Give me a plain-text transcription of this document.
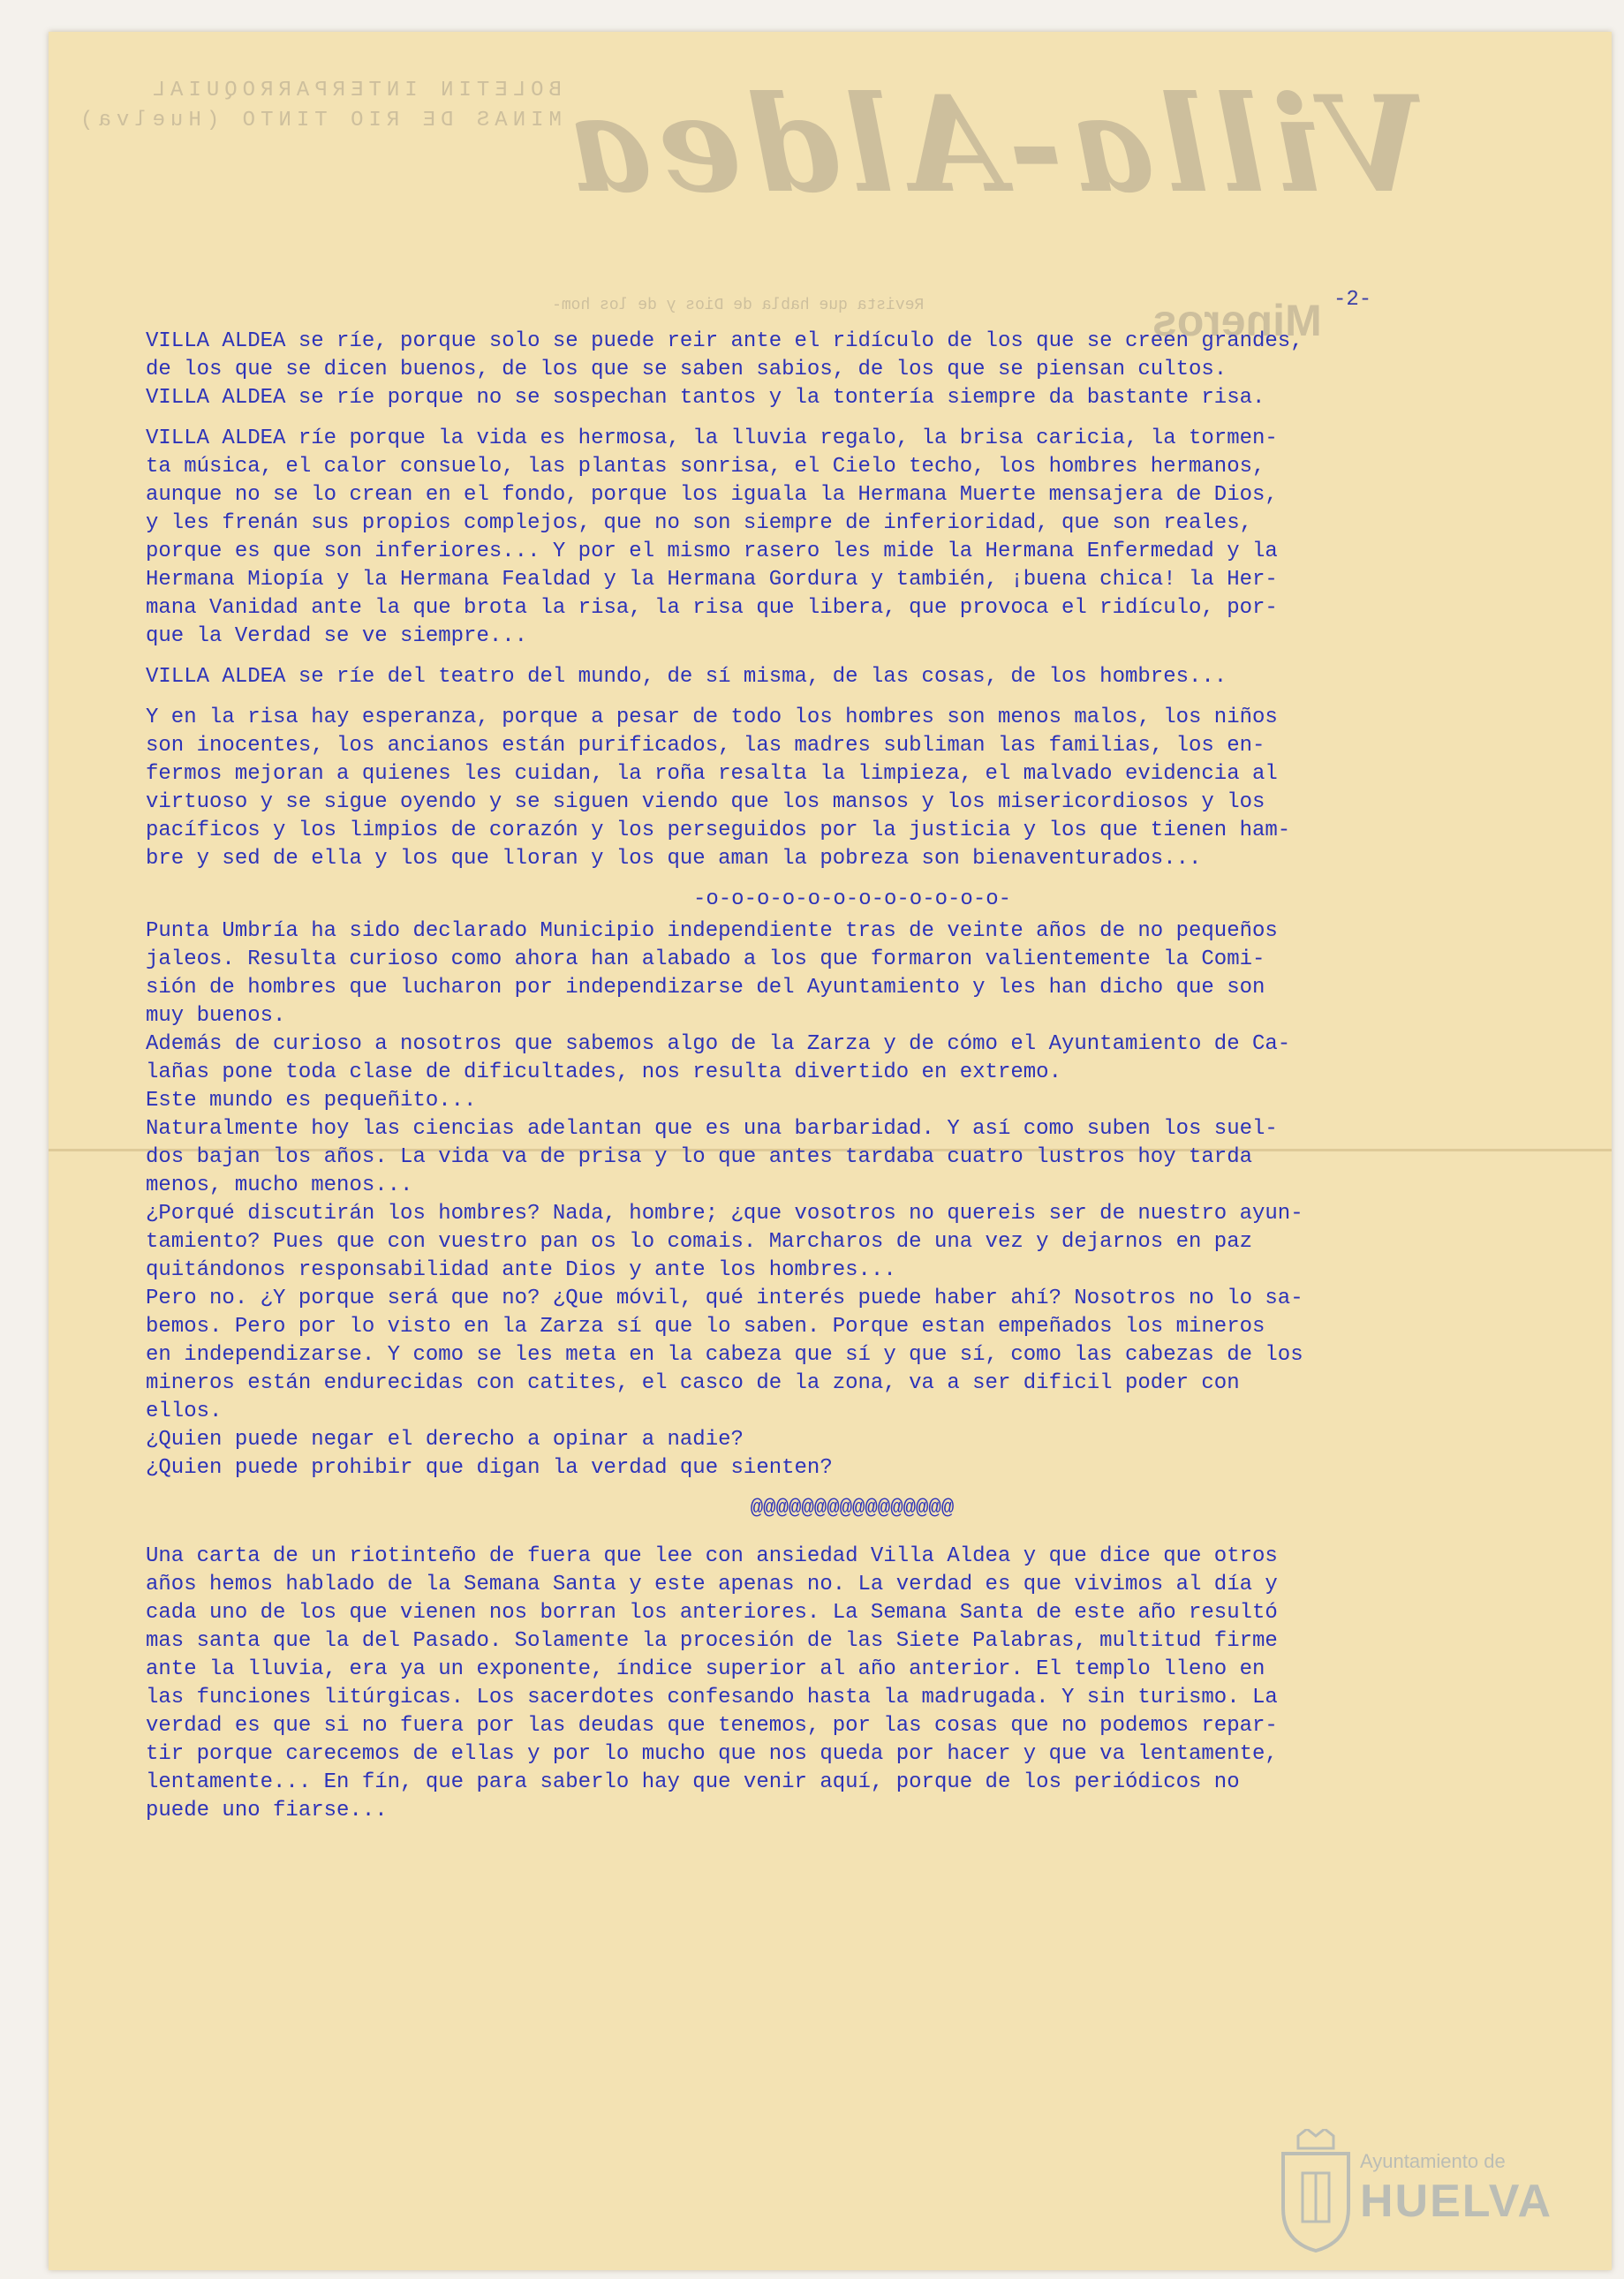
Villa-Aldea
BOLETIN INTERPARROQUIAL
MINAS DE RIO TINTO (Huelva)
Mineros
Revista que habla de Dios y de los hom-	-2-
VILLA ALDEA se ríe, porque solo se puede reir ante el ridículo de los que se creen grandes,
de los que se dicen buenos, de los que se saben sabios, de los que se piensan cultos.
VILLA ALDEA se ríe porque no se sospechan tantos y la tontería siempre da bastante risa.
VILLA ALDEA ríe porque la vida es hermosa, la lluvia regalo, la brisa caricia, la tormen-
ta música, el calor consuelo, las plantas sonrisa, el Cielo techo, los hombres hermanos,
aunque no se lo crean en el fondo, porque los iguala la Hermana Muerte mensajera de Dios,
y les frenán sus propios complejos, que no son siempre de inferioridad, que son reales,
porque es que son inferiores... Y por el mismo rasero les mide la Hermana Enfermedad y la
Hermana Miopía y la Hermana Fealdad y la Hermana Gordura y también, ¡buena chica! la Her-
mana Vanidad ante la que brota la risa, la risa que libera, que provoca el ridículo, por-
que la Verdad se ve siempre...
VILLA ALDEA se ríe del teatro del mundo, de sí misma, de las cosas, de los hombres...
Y en la risa hay esperanza, porque a pesar de todo los hombres son menos malos, los niños
son inocentes, los ancianos están purificados, las madres subliman las familias, los en-
fermos mejoran a quienes les cuidan, la roña resalta la limpieza, el malvado evidencia al
virtuoso y se sigue oyendo y se siguen viendo que los mansos y los misericordiosos y los
pacíficos y los limpios de corazón y los perseguidos por la justicia y los que tienen ham-
bre y sed de ella y los que lloran y los que aman la pobreza son bienaventurados...
-o-o-o-o-o-o-o-o-o-o-o-o-
Punta Umbría ha sido declarado Municipio independiente tras de veinte años de no pequeños
jaleos. Resulta curioso como ahora han alabado a los que formaron valientemente la Comi-
sión de hombres que lucharon por independizarse del Ayuntamiento y les han dicho que son
muy buenos.
Además de curioso a nosotros que sabemos algo de la Zarza y de cómo el Ayuntamiento de Ca-
lañas pone toda clase de dificultades, nos resulta divertido en extremo.
Este mundo es pequeñito...
Naturalmente hoy las ciencias adelantan que es una barbaridad. Y así como suben los suel-
dos bajan los años. La vida va de prisa y lo que antes tardaba cuatro lustros hoy tarda
menos, mucho menos...
¿Porqué discutirán los hombres? Nada, hombre; ¿que vosotros no quereis ser de nuestro ayun-
tamiento? Pues que con vuestro pan os lo comais. Marcharos de una vez y dejarnos en paz
quitándonos responsabilidad ante Dios y ante los hombres...
Pero no. ¿Y porque será que no? ¿Que móvil, qué interés puede haber ahí? Nosotros no lo sa-
bemos. Pero por lo visto en la Zarza sí que lo saben. Porque estan empeñados los mineros
en independizarse. Y como se les meta en la cabeza que sí y que sí, como las cabezas de los
mineros están endurecidas con catites, el casco de la zona, va a ser dificil poder con
ellos.
¿Quien puede negar el derecho a opinar a nadie?
¿Quien puede prohibir que digan la verdad que sienten?
@@@@@@@@@@@@@@@@
Una carta de un riotinteño de fuera que lee con ansiedad Villa Aldea y que dice que otros
años hemos hablado de la Semana Santa y este apenas no. La verdad es que vivimos al día y
cada uno de los que vienen nos borran los anteriores. La Semana Santa de este año resultó
mas santa que la del Pasado. Solamente la procesión de las Siete Palabras, multitud firme
ante la lluvia, era ya un exponente, índice superior al año anterior. El templo lleno en
las funciones litúrgicas. Los sacerdotes confesando hasta la madrugada. Y sin turismo. La
verdad es que si no fuera por las deudas que tenemos, por las cosas que no podemos repar-
tir porque carecemos de ellas y por lo mucho que nos queda por hacer y que va lentamente,
lentamente... En fín, que para saberlo hay que venir aquí, porque de los periódicos no
puede uno fiarse...
Ayuntamiento de
HUELVA
